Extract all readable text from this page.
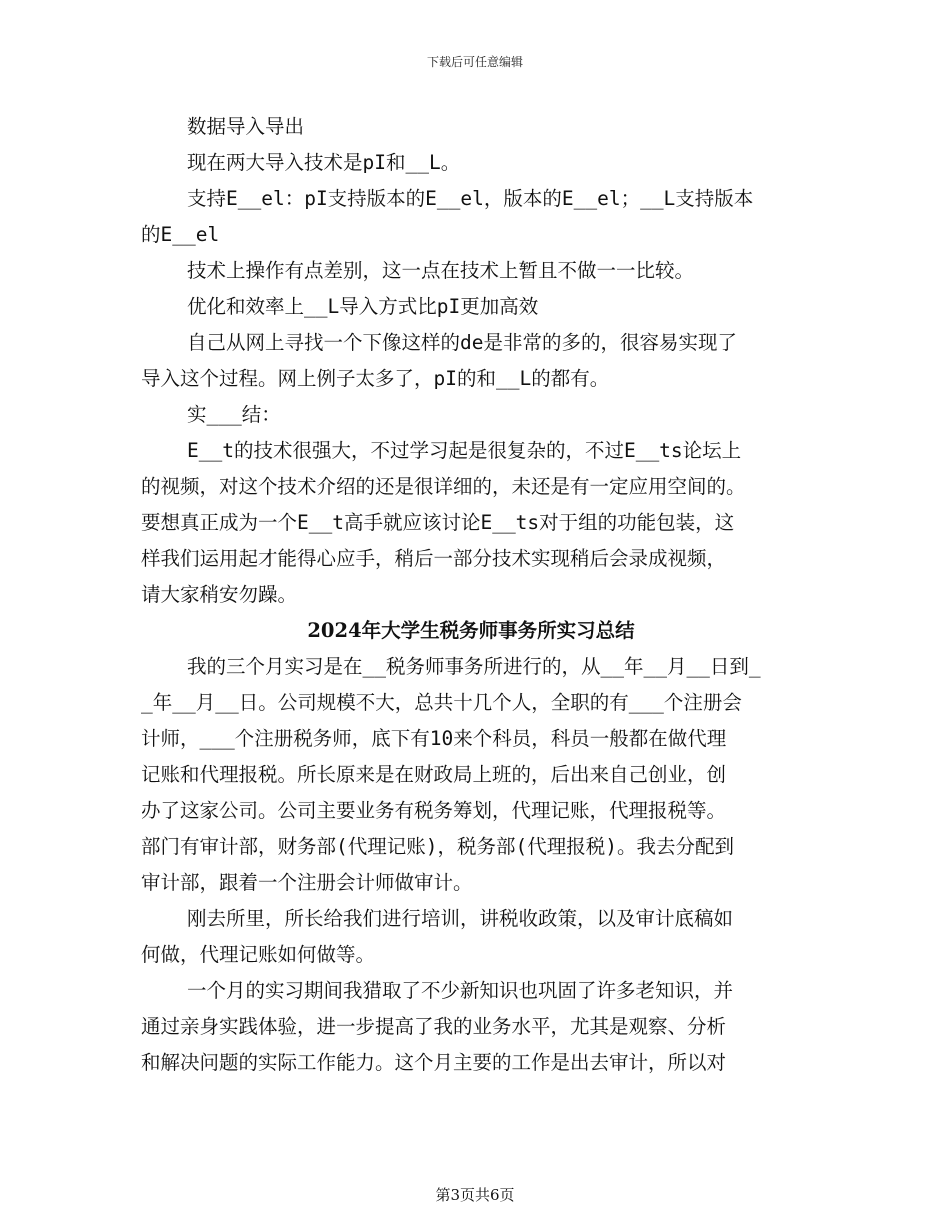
下载后可任意编辑
数据导入导出
现在两大导入技术是pI和__L。
支持E__el：pI支持版本的E__el，版本的E__el；__L支持版本
的E__el
技术上操作有点差别，这一点在技术上暂且不做一一比较。
优化和效率上__L导入方式比pI更加高效
自己从网上寻找一个下像这样的de是非常的多的，很容易实现了
导入这个过程。网上例子太多了，pI的和__L的都有。
实___结：
E__t的技术很强大，不过学习起是很复杂的，不过E__ts论坛上
的视频，对这个技术介绍的还是很详细的，未还是有一定应用空间的。
要想真正成为一个E__t高手就应该讨论E__ts对于组的功能包装，这
样我们运用起才能得心应手，稍后一部分技术实现稍后会录成视频，
请大家稍安勿躁。
2024年大学生税务师事务所实习总结
我的三个月实习是在__税务师事务所进行的，从__年__月__日到_
_年__月__日。公司规模不大，总共十几个人，全职的有___个注册会
计师，___个注册税务师，底下有10来个科员，科员一般都在做代理
记账和代理报税。所长原来是在财政局上班的，后出来自己创业，创
办了这家公司。公司主要业务有税务筹划，代理记账，代理报税等。
部门有审计部，财务部(代理记账)，税务部(代理报税)。我去分配到
审计部，跟着一个注册会计师做审计。
刚去所里，所长给我们进行培训，讲税收政策，以及审计底稿如
何做，代理记账如何做等。
一个月的实习期间我猎取了不少新知识也巩固了许多老知识，并
通过亲身实践体验，进一步提高了我的业务水平，尤其是观察、分析
和解决问题的实际工作能力。这个月主要的工作是出去审计，所以对
第3页共6页
